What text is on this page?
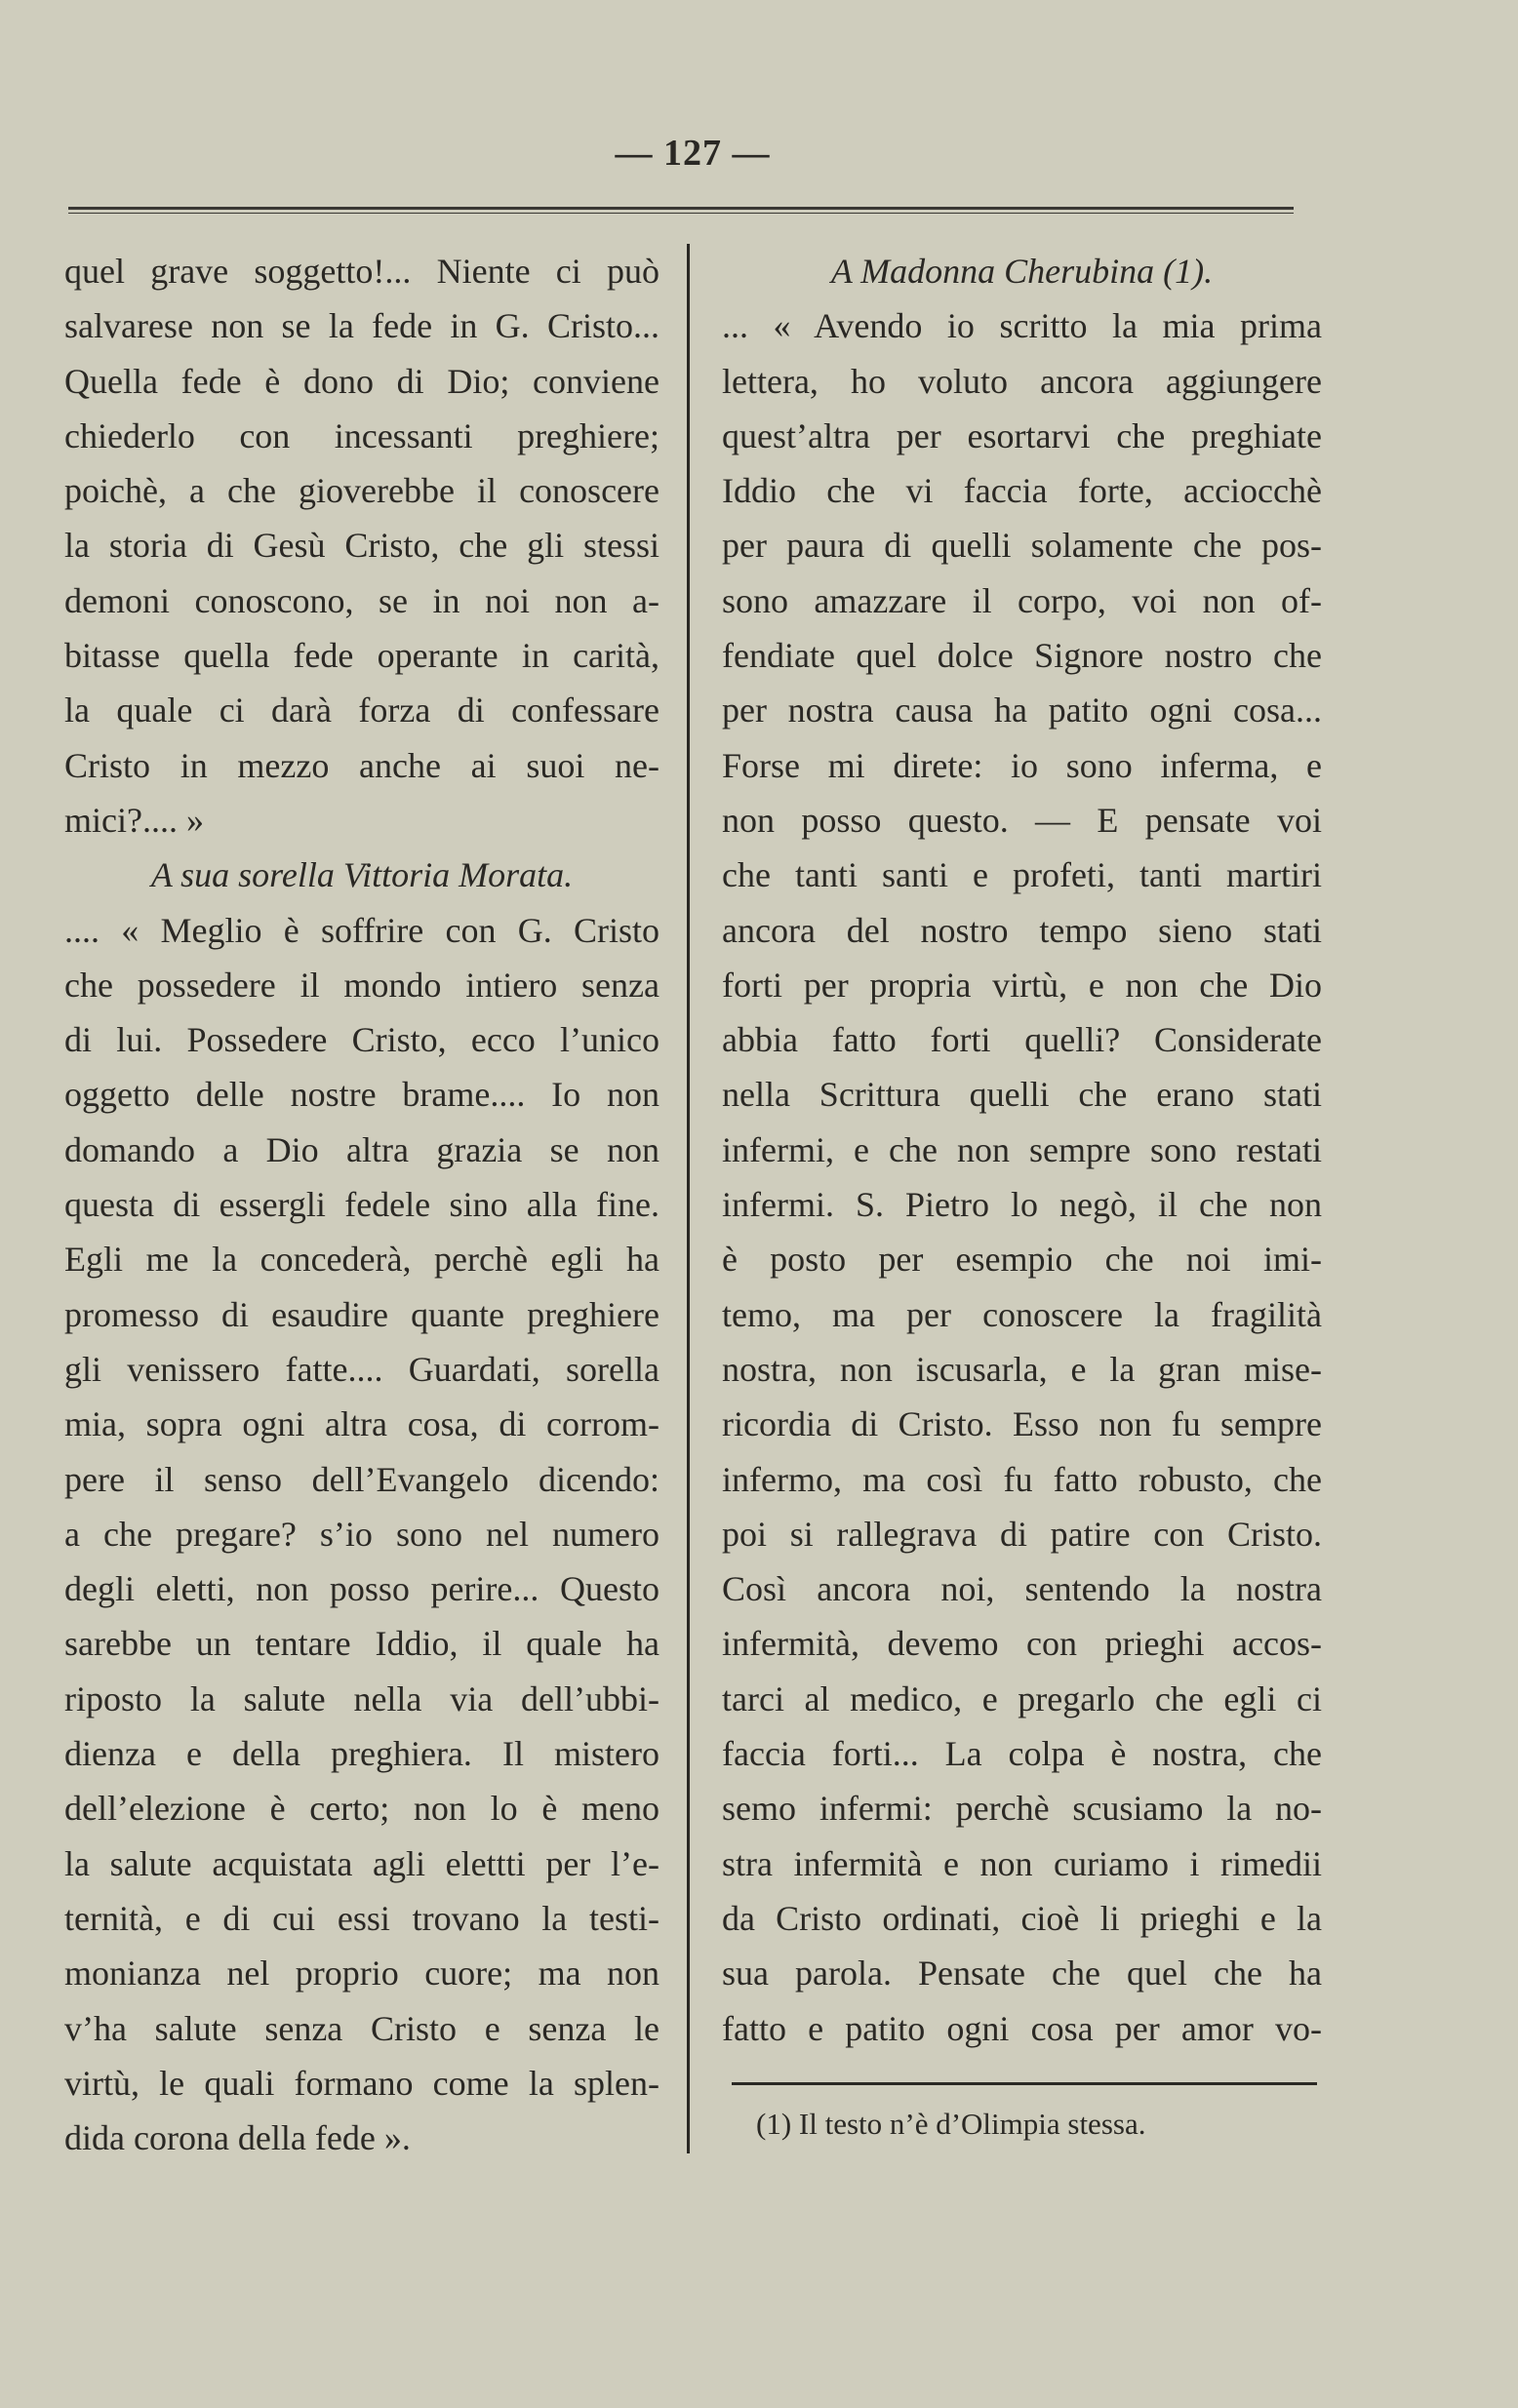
— 127 —
quel grave soggetto!... Niente ci può
salvarese non se la fede in G. Cristo...
Quella fede è dono di Dio; conviene
chiederlo con incessanti preghiere;
poichè, a che gioverebbe il conoscere
la storia di Gesù Cristo, che gli stessi
demoni conoscono, se in noi non a-
bitasse quella fede operante in carità,
la quale ci darà forza di confessare
Cristo in mezzo anche ai suoi ne-
mici?.... »
A sua sorella Vittoria Morata.
.... « Meglio è soffrire con G. Cristo
che possedere il mondo intiero senza
di lui. Possedere Cristo, ecco l’unico
oggetto delle nostre brame.... Io non
domando a Dio altra grazia se non
questa di essergli fedele sino alla fine.
Egli me la concederà, perchè egli ha
promesso di esaudire quante preghiere
gli venissero fatte.... Guardati, sorella
mia, sopra ogni altra cosa, di corrom-
pere il senso dell’Evangelo dicendo:
a che pregare? s’io sono nel numero
degli eletti, non posso perire... Questo
sarebbe un tentare Iddio, il quale ha
riposto la salute nella via dell’ubbi-
dienza e della preghiera. Il mistero
dell’elezione è certo; non lo è meno
la salute acquistata agli elettti per l’e-
ternità, e di cui essi trovano la testi-
monianza nel proprio cuore; ma non
v’ha salute senza Cristo e senza le
virtù, le quali formano come la splen-
dida corona della fede ».
A Madonna Cherubina (1).
... « Avendo io scritto la mia prima
lettera, ho voluto ancora aggiungere
quest’altra per esortarvi che preghiate
Iddio che vi faccia forte, acciocchè
per paura di quelli solamente che pos-
sono amazzare il corpo, voi non of-
fendiate quel dolce Signore nostro che
per nostra causa ha patito ogni cosa...
Forse mi direte: io sono inferma, e
non posso questo. — E pensate voi
che tanti santi e profeti, tanti martiri
ancora del nostro tempo sieno stati
forti per propria virtù, e non che Dio
abbia fatto forti quelli? Considerate
nella Scrittura quelli che erano stati
infermi, e che non sempre sono restati
infermi. S. Pietro lo negò, il che non
è posto per esempio che noi imi-
temo, ma per conoscere la fragilità
nostra, non iscusarla, e la gran mise-
ricordia di Cristo. Esso non fu sempre
infermo, ma così fu fatto robusto, che
poi si rallegrava di patire con Cristo.
Così ancora noi, sentendo la nostra
infermità, devemo con prieghi accos-
tarci al medico, e pregarlo che egli ci
faccia forti... La colpa è nostra, che
semo infermi: perchè scusiamo la no-
stra infermità e non curiamo i rimedii
da Cristo ordinati, cioè li prieghi e la
sua parola. Pensate che quel che ha
fatto e patito ogni cosa per amor vo-
(1) Il testo n’è d’Olimpia stessa.
